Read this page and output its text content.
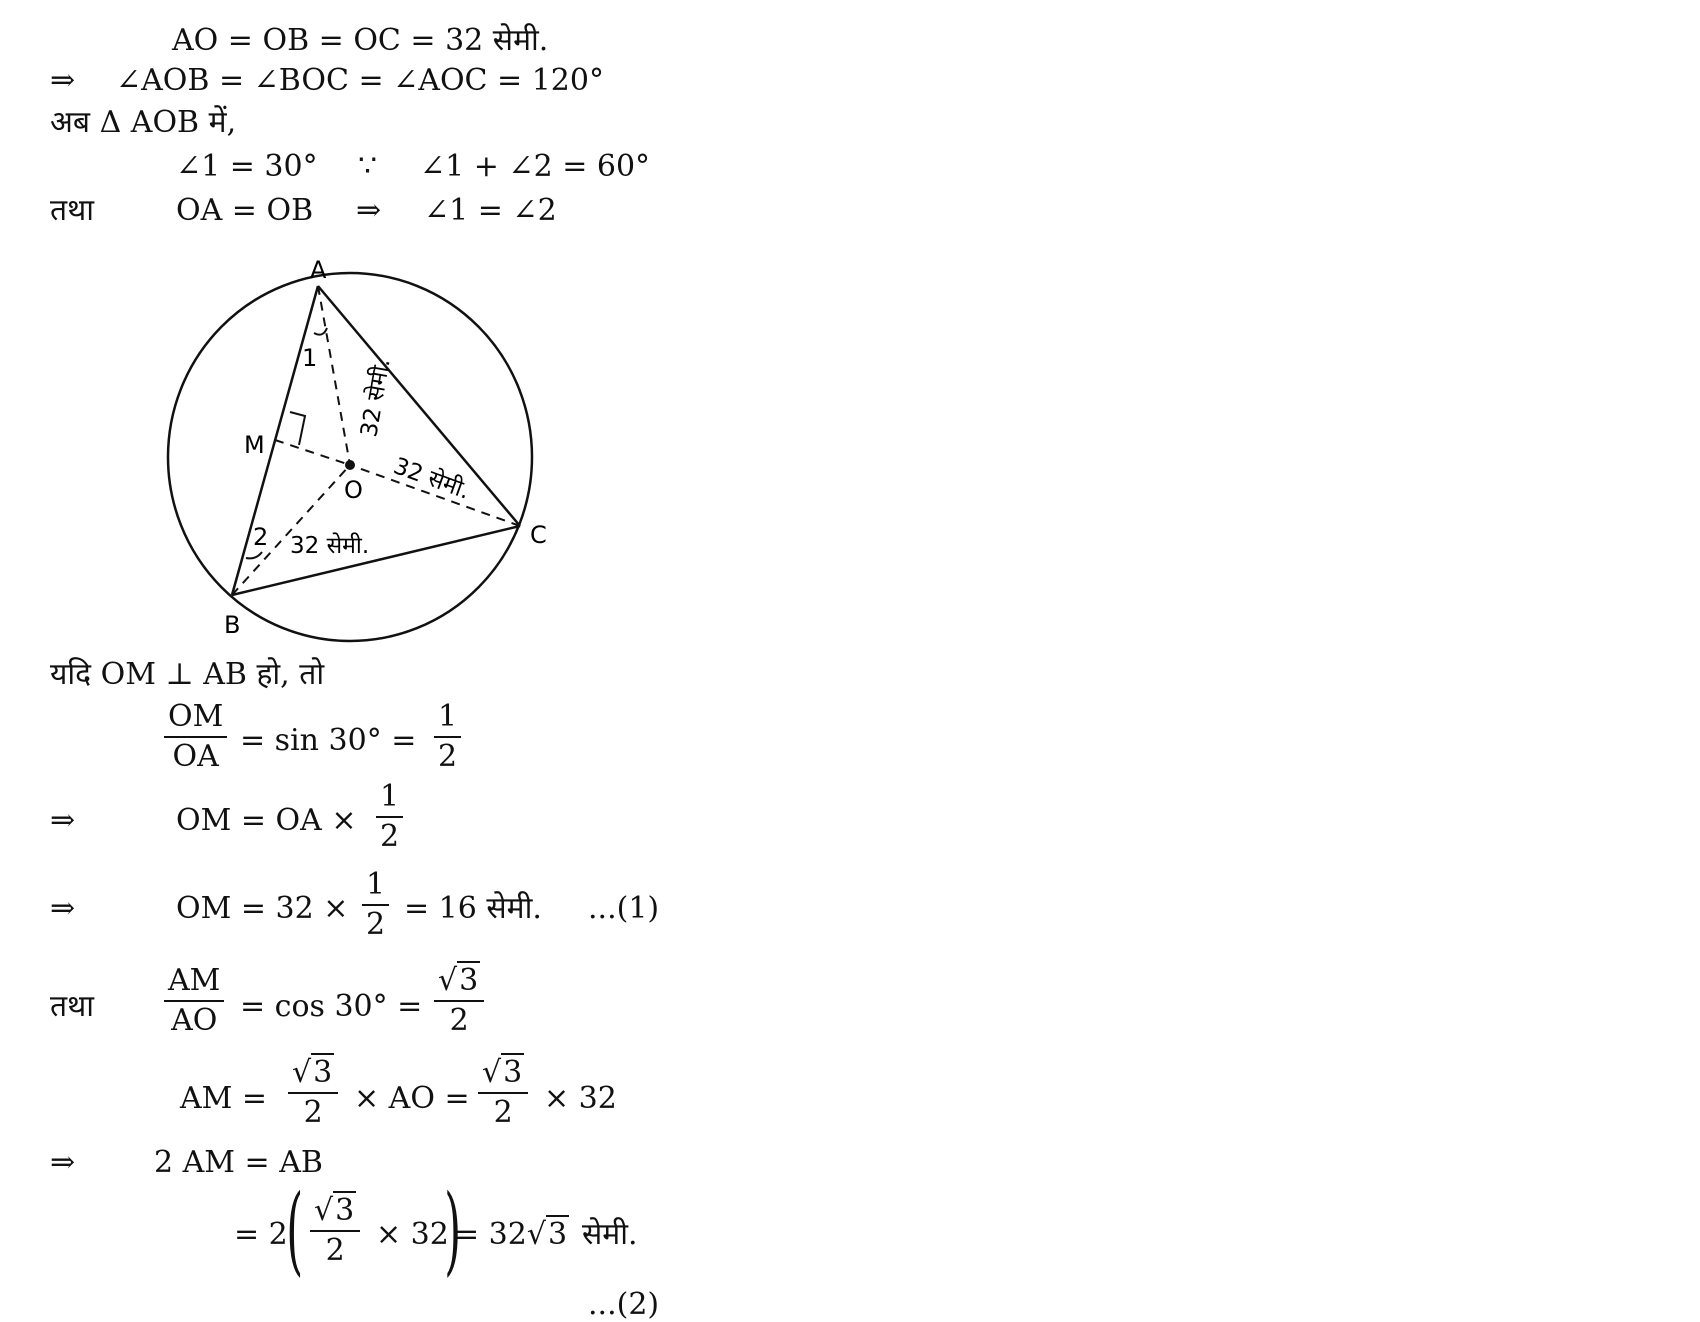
AO = OB = OC = 32 सेमी.
⇒ ∠AOB = ∠BOC = ∠AOC = 120°
अब Δ AOB में,
∠1 = 30° ∵ ∠1 + ∠2 = 60°
तथा	OA = OB ⇒ ∠1 = ∠2
A
B
C
M
O
1
2
32 सेमी.
32 सेमी.
32 सेमी.
यदि OM ⊥ AB हो, तो
$\frac{OM}{OA} = \sin 30^\circ = \frac{1}{2}$
⇒	OM = OA × $\frac{1}{2}$
⇒	OM = $32 \times \frac{1}{2} = 16$ सेमी. ...(1)
तथा $\frac{AM}{AO} = \cos 30^\circ = \frac{√3}{2}$
AM = $\frac{√3}{2}$ × AO = $\frac{√3}{2} \times 32$
⇒	2 AM = AB
= 2
( $\frac{√3}{2} \times 32$
)
= 32√3 सेमी.
...(2)
